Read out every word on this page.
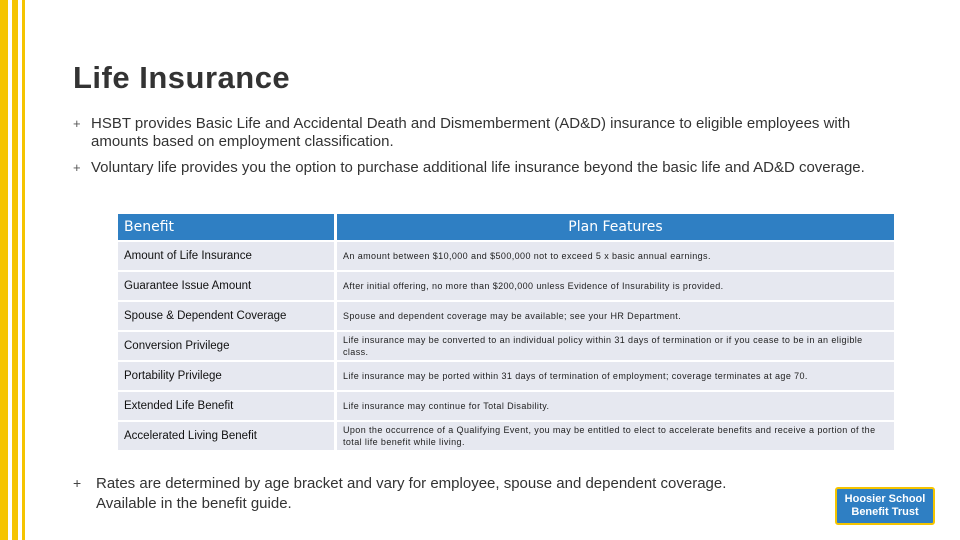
Life Insurance
+ HSBT provides Basic Life and Accidental Death and Dismemberment (AD&D) insurance to eligible employees with amounts based on employment classification.
+ Voluntary life provides you the option to purchase additional life insurance beyond the basic life and AD&D coverage.
Benefit	Plan Features
Amount of Life Insurance	An amount between $10,000 and $500,000 not to exceed 5 x basic annual earnings.
Guarantee Issue Amount	After initial offering, no more than $200,000 unless Evidence of Insurability is provided.
Spouse & Dependent Coverage	Spouse and dependent coverage may be available; see your HR Department.
Conversion Privilege	Life insurance may be converted to an individual policy within 31 days of termination or if you cease to be in an eligible class.
Portability Privilege	Life insurance may be ported within 31 days of termination of employment; coverage terminates at age 70.
Extended Life Benefit	Life insurance may continue for Total Disability.
Accelerated Living Benefit	Upon the occurrence of a Qualifying Event, you may be entitled to elect to accelerate benefits and receive a portion of the total life benefit while living.
+ Rates are determined by age bracket and vary for employee, spouse and dependent coverage. Available in the benefit guide.	Hoosier School
Benefit Trust
